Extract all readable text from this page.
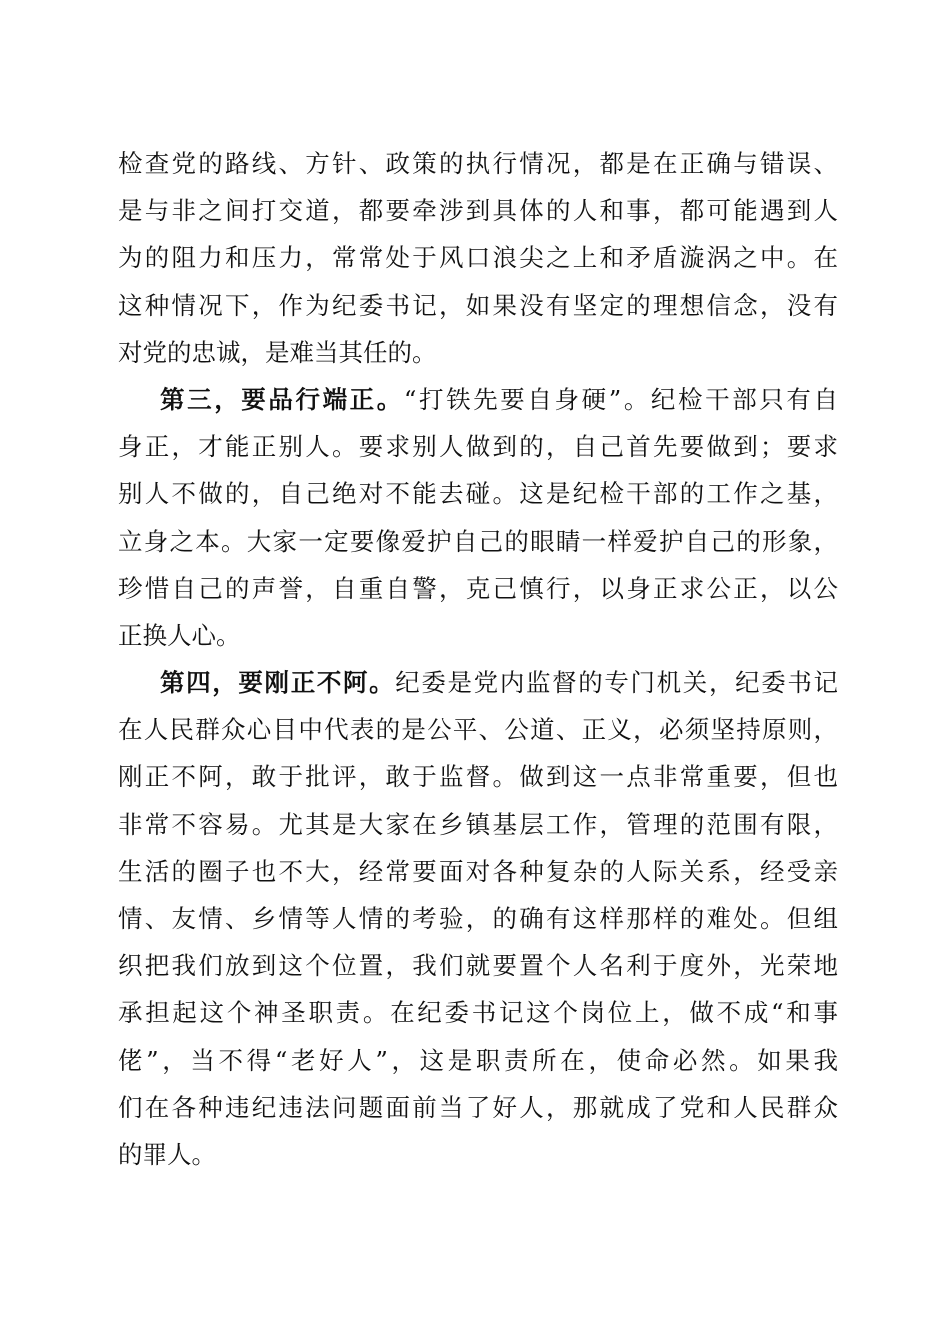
检查党的路线、方针、政策的执行情况，都是在正确与错误、
是与非之间打交道，都要牵涉到具体的人和事，都可能遇到人
为的阻力和压力，常常处于风口浪尖之上和矛盾漩涡之中。在
这种情况下，作为纪委书记，如果没有坚定的理想信念，没有
对党的忠诚，是难当其任的。
第三，要品行端正。“打铁先要自身硬”。纪检干部只有自
身正，才能正别人。要求别人做到的，自己首先要做到；要求
别人不做的，自己绝对不能去碰。这是纪检干部的工作之基，
立身之本。大家一定要像爱护自己的眼睛一样爱护自己的形象，
珍惜自己的声誉，自重自警，克己慎行，以身正求公正，以公
正换人心。
第四，要刚正不阿。纪委是党内监督的专门机关，纪委书记
在人民群众心目中代表的是公平、公道、正义，必须坚持原则，
刚正不阿，敢于批评，敢于监督。做到这一点非常重要，但也
非常不容易。尤其是大家在乡镇基层工作，管理的范围有限，
生活的圈子也不大，经常要面对各种复杂的人际关系，经受亲
情、友情、乡情等人情的考验，的确有这样那样的难处。但组
织把我们放到这个位置，我们就要置个人名利于度外，光荣地
承担起这个神圣职责。在纪委书记这个岗位上，做不成“和事
佬”，当不得“老好人”，这是职责所在，使命必然。如果我
们在各种违纪违法问题面前当了好人，那就成了党和人民群众
的罪人。
